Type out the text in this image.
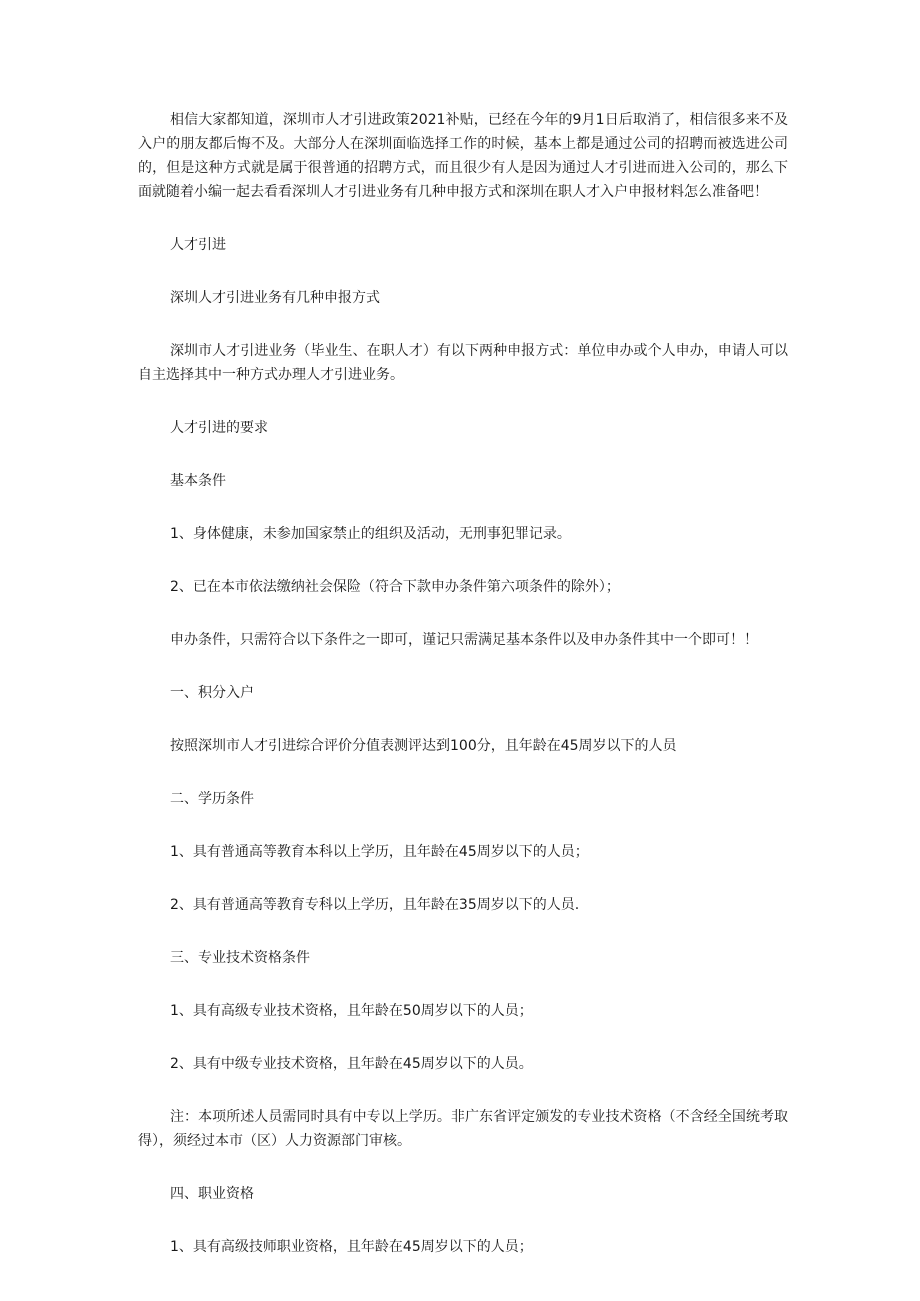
相信大家都知道，深圳市人才引进政策2021补贴，已经在今年的9月1日后取消了，相信很多来不及入户的朋友都后悔不及。大部分人在深圳面临选择工作的时候，基本上都是通过公司的招聘而被选进公司的，但是这种方式就是属于很普通的招聘方式，而且很少有人是因为通过人才引进而进入公司的，那么下面就随着小编一起去看看深圳人才引进业务有几种申报方式和深圳在职人才入户申报材料怎么准备吧！

人才引进

深圳人才引进业务有几种申报方式

深圳市人才引进业务（毕业生、在职人才）有以下两种申报方式：单位申办或个人申办，申请人可以自主选择其中一种方式办理人才引进业务。

人才引进的要求

基本条件

1、身体健康，未参加国家禁止的组织及活动，无刑事犯罪记录。

2、已在本市依法缴纳社会保险（符合下款申办条件第六项条件的除外）；

申办条件，只需符合以下条件之一即可，谨记只需满足基本条件以及申办条件其中一个即可！！

一、积分入户

按照深圳市人才引进综合评价分值表测评达到100分，且年龄在45周岁以下的人员

二、学历条件

1、具有普通高等教育本科以上学历，且年龄在45周岁以下的人员；

2、具有普通高等教育专科以上学历，且年龄在35周岁以下的人员.

三、专业技术资格条件

1、具有高级专业技术资格，且年龄在50周岁以下的人员；

2、具有中级专业技术资格，且年龄在45周岁以下的人员。

注：本项所述人员需同时具有中专以上学历。非广东省评定颁发的专业技术资格（不含经全国统考取得），须经过本市（区）人力资源部门审核。

四、职业资格

1、具有高级技师职业资格，且年龄在45周岁以下的人员；
